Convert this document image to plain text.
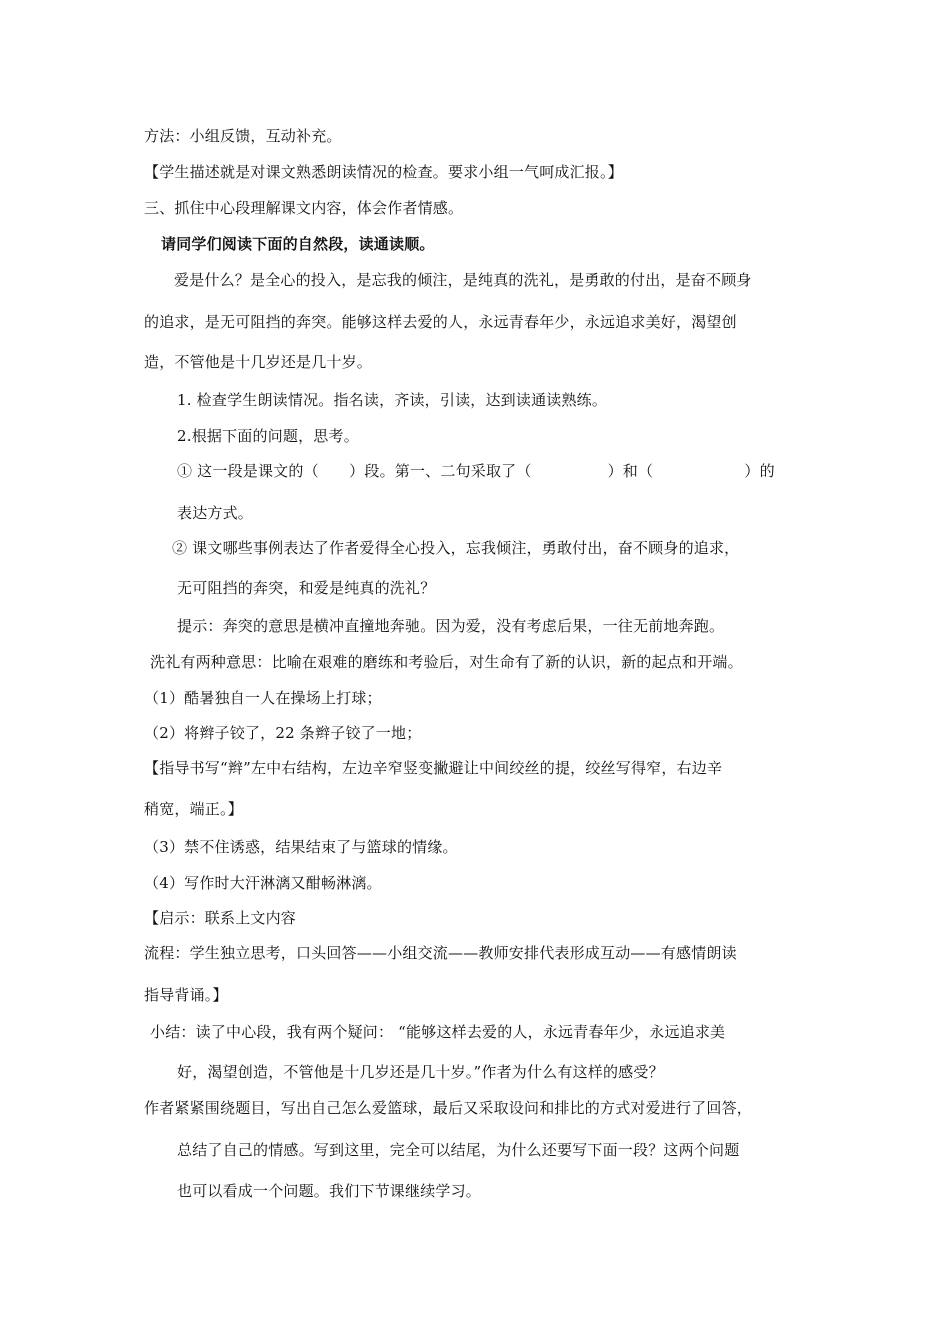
方法：小组反馈，互动补充。
【学生描述就是对课文熟悉朗读情况的检查。要求小组一气呵成汇报。】
三、抓住中心段理解课文内容，体会作者情感。
请同学们阅读下面的自然段，读通读顺。
爱是什么？是全心的投入，是忘我的倾注，是纯真的洗礼，是勇敢的付出，是奋不顾身
的追求，是无可阻挡的奔突。能够这样去爱的人，永远青春年少，永远追求美好，渴望创
造，不管他是十几岁还是几十岁。
1. 检查学生朗读情况。指名读，齐读，引读，达到读通读熟练。
2.根据下面的问题，思考。
① 这一段是课文的（　　）段。第一、二句采取了（　　　　　）和（　　　　　　）的
表达方式。
② 课文哪些事例表达了作者爱得全心投入，忘我倾注，勇敢付出，奋不顾身的追求，
无可阻挡的奔突，和爱是纯真的洗礼？
提示：奔突的意思是横冲直撞地奔驰。因为爱，没有考虑后果，一往无前地奔跑。
洗礼有两种意思：比喻在艰难的磨练和考验后，对生命有了新的认识，新的起点和开端。
（1）酷暑独自一人在操场上打球；
（2）将辫子铰了，22 条辫子铰了一地；
【指导书写“辫”左中右结构，左边辛窄竖变撇避让中间绞丝的提，绞丝写得窄，右边辛
稍宽，端正。】
（3）禁不住诱惑，结果结束了与篮球的情缘。
（4）写作时大汗淋漓又酣畅淋漓。
【启示：联系上文内容
流程：学生独立思考，口头回答——小组交流——教师安排代表形成互动——有感情朗读
指导背诵。】
小结：读了中心段，我有两个疑问： “能够这样去爱的人，永远青春年少，永远追求美
好，渴望创造，不管他是十几岁还是几十岁。”作者为什么有这样的感受？
作者紧紧围绕题目，写出自己怎么爱篮球，最后又采取设问和排比的方式对爱进行了回答，
总结了自己的情感。写到这里，完全可以结尾，为什么还要写下面一段？这两个问题
也可以看成一个问题。我们下节课继续学习。
